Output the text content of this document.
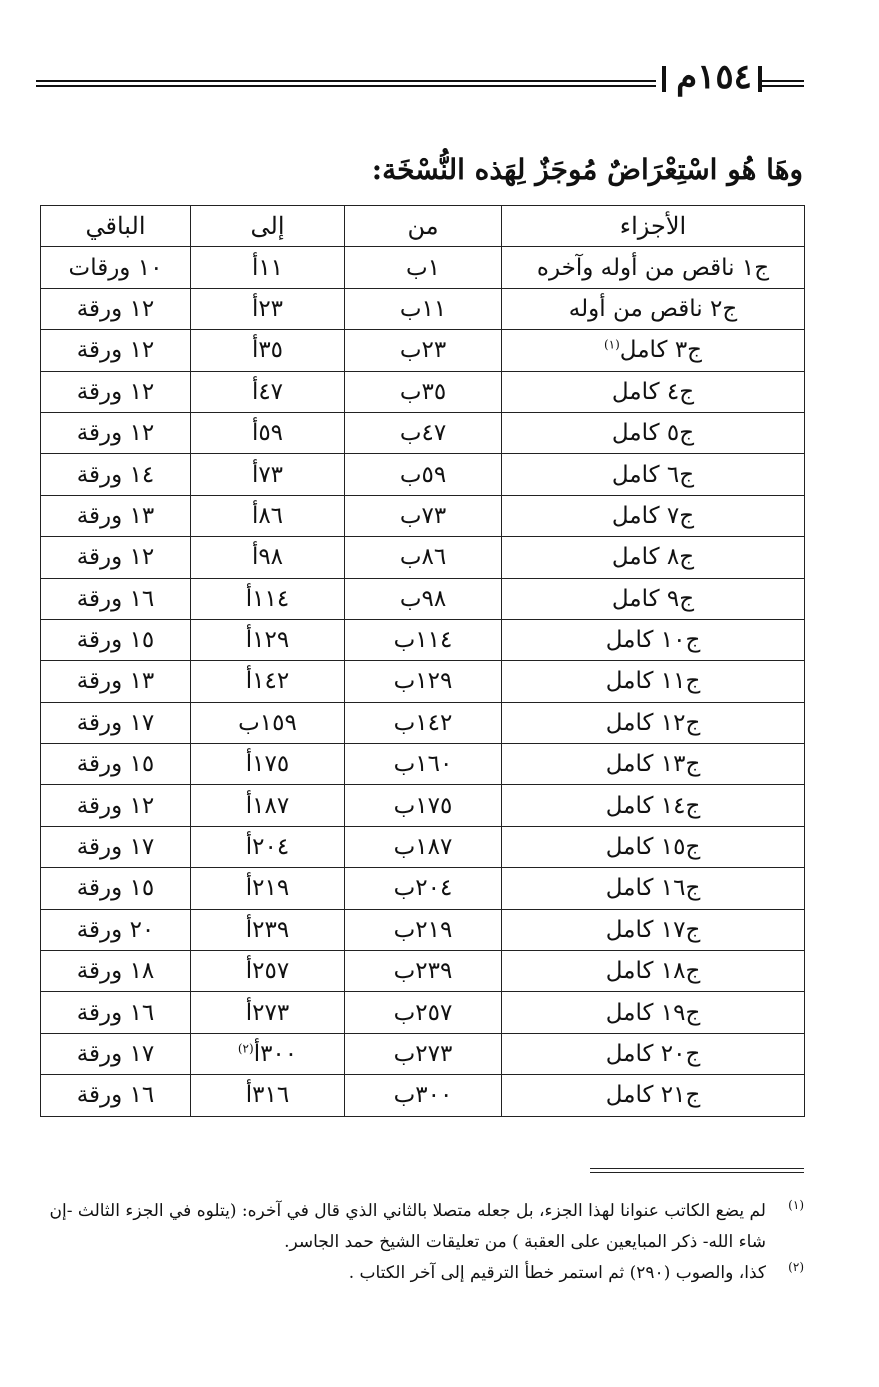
١٥٤م
وهَا هُو اسْتِعْرَاضٌ مُوجَزٌ لِهَذه النُّسْخَة:
الأجزاء	من	إلى	الباقي
ج١ ناقص من أوله وآخره	١ب	١١أ	١٠ ورقات
ج٢ ناقص من أوله	١١ب	٢٣أ	١٢ ورقة
ج٣ كامل$^{(١)}$	٢٣ب	٣٥أ	١٢ ورقة
ج٤ كامل	٣٥ب	٤٧أ	١٢ ورقة
ج٥ كامل	٤٧ب	٥٩أ	١٢ ورقة
ج٦ كامل	٥٩ب	٧٣أ	١٤ ورقة
ج٧ كامل	٧٣ب	٨٦أ	١٣ ورقة
ج٨ كامل	٨٦ب	٩٨أ	١٢ ورقة
ج٩ كامل	٩٨ب	١١٤أ	١٦ ورقة
ج١٠ كامل	١١٤ب	١٢٩أ	١٥ ورقة
ج١١ كامل	١٢٩ب	١٤٢أ	١٣ ورقة
ج١٢ كامل	١٤٢ب	١٥٩ب	١٧ ورقة
ج١٣ كامل	١٦٠ب	١٧٥أ	١٥ ورقة
ج١٤ كامل	١٧٥ب	١٨٧أ	١٢ ورقة
ج١٥ كامل	١٨٧ب	٢٠٤أ	١٧ ورقة
ج١٦ كامل	٢٠٤ب	٢١٩أ	١٥ ورقة
ج١٧ كامل	٢١٩ب	٢٣٩أ	٢٠ ورقة
ج١٨ كامل	٢٣٩ب	٢٥٧أ	١٨ ورقة
ج١٩ كامل	٢٥٧ب	٢٧٣أ	١٦ ورقة
ج٢٠ كامل	٢٧٣ب	٣٠٠أ$^{(٢)}$	١٧ ورقة
ج٢١ كامل	٣٠٠ب	٣١٦أ	١٦ ورقة
(١)
لم يضع الكاتب عنوانا لهذا الجزء، بل جعله متصلا بالثاني الذي قال في آخره: (يتلوه في الجزء الثالث -إن شاء الله- ذكر المبايعين على العقبة ) من تعليقات الشيخ حمد الجاسر.
(٢)
كذا، والصوب (٢٩٠) ثم استمر خطأ الترقيم إلى آخر الكتاب .
